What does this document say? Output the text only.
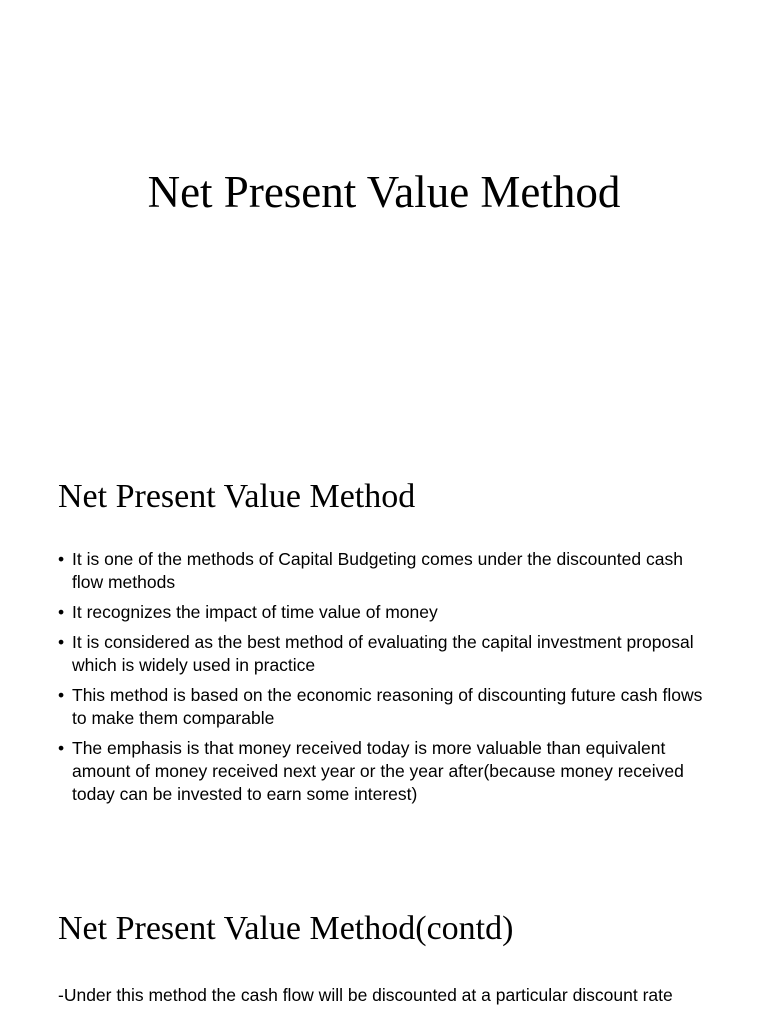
Net Present Value Method
Net Present Value Method
• It is one of the methods of Capital Budgeting comes under the discounted cash flow methods
• It recognizes the impact of time value of money
• It is considered as the best method of evaluating the capital investment proposal which is widely used in practice
• This method is based on the economic reasoning of discounting future cash flows to make them comparable
• The emphasis is that money received today is more valuable than equivalent amount of money received next year or the year after(because money received today can be invested to earn some interest)
Net Present Value Method(contd)

-Under this method the cash flow will be discounted at a particular discount rate
